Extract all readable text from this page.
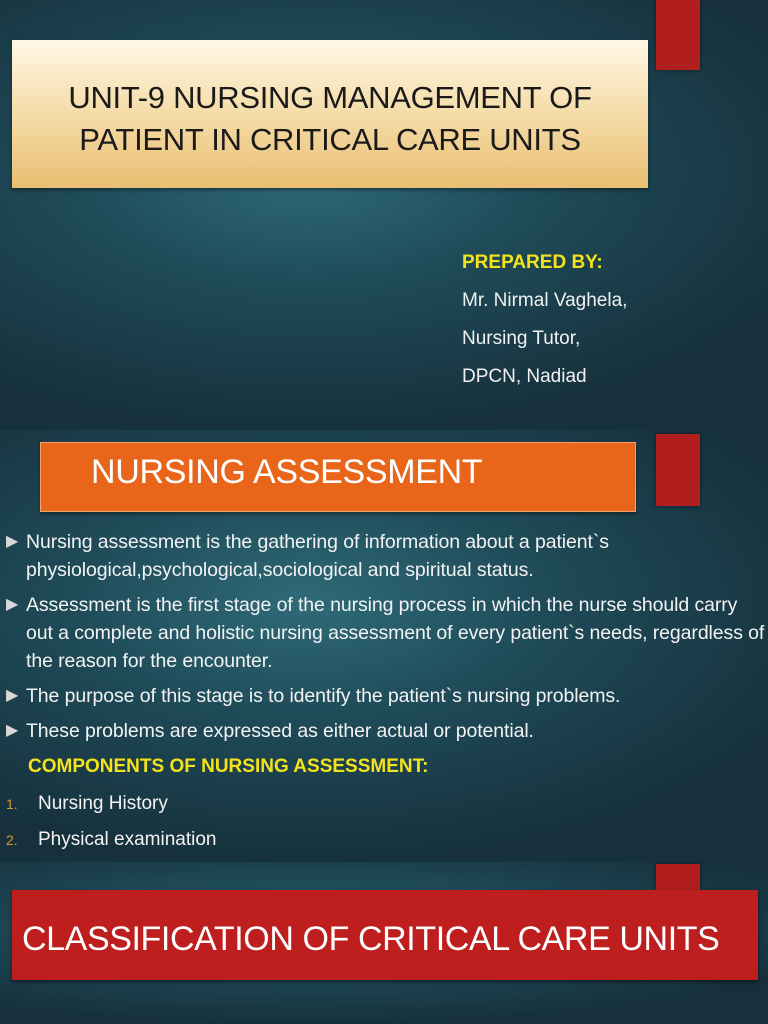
UNIT-9 NURSING MANAGEMENT OF
PATIENT IN CRITICAL CARE UNITS
PREPARED BY:
Mr. Nirmal Vaghela,
Nursing Tutor,
DPCN, Nadiad
NURSING ASSESSMENT
▶ Nursing assessment is the gathering of information about a patient`s physiological,psychological,sociological and spiritual status.
▶ Assessment is the first stage of the nursing process in which the nurse should carry out a complete and holistic nursing assessment of every patient`s needs, regardless of the reason for the encounter.
▶ The purpose of this stage is to identify the patient`s nursing problems.
▶ These problems are expressed as either actual or potential.
COMPONENTS OF NURSING ASSESSMENT:
1. Nursing History
2. Physical examination
CLASSIFICATION OF CRITICAL CARE UNITS
